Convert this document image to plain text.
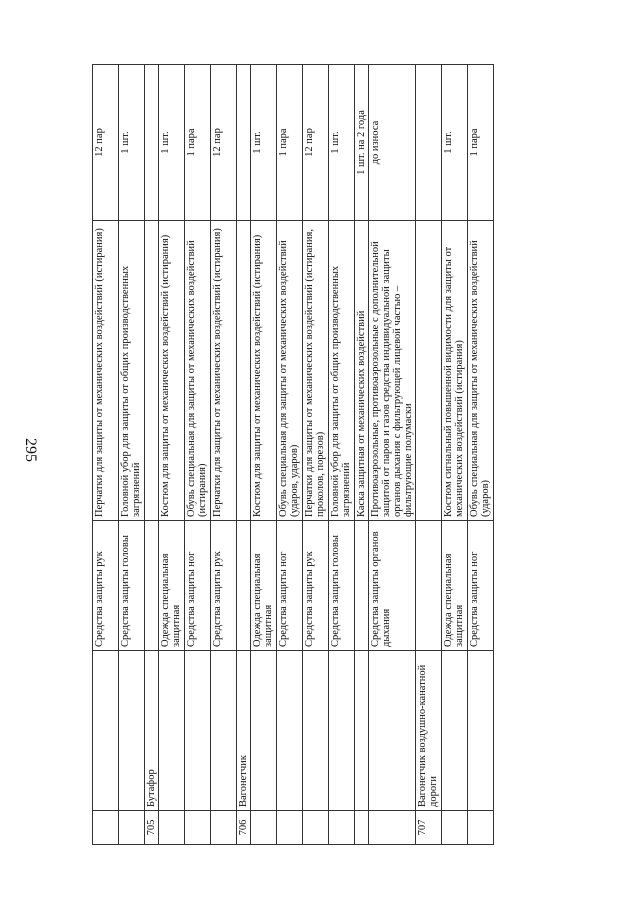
295
		Средства защиты рук	Перчатки для защиты от механических воздействий (истирания)	12 пар
		Средства защиты головы	Головной убор для защиты от общих производственных загрязнений	1 шт.
705	Бутафор			
		Одежда специальная защитная	Костюм для защиты от механических воздействий (истирания)	1 шт.
		Средства защиты ног	Обувь специальная для защиты от механических воздействий (истирания)	1 пара
		Средства защиты рук	Перчатки для защиты от механических воздействий (истирания)	12 пар
706	Вагонетчик			
		Одежда специальная защитная	Костюм для защиты от механических воздействий (истирания)	1 шт.
		Средства защиты ног	Обувь специальная для защиты от механических воздействий (ударов, ударов)	1 пара
		Средства защиты рук	Перчатки для защиты от механических воздействий (истирания, проколов, порезов)	12 пар
		Средства защиты головы	Головной убор для защиты от общих производственных загрязнений	1 шт.
			Каска защитная от механических воздействий	1 шт. на 2 года
		Средства защиты органов дыхания	Противоаэрозольные, противоаэрозольные с дополнительной защитой от паров и газов средства индивидуальной защиты органов дыхания с фильтрующей лицевой частью – фильтрующие полумаски	до износа
707	Вагонетчик воздушно-канатной дороги			
		Одежда специальная защитная	Костюм сигнальный повышенной видимости для защиты от механических воздействий (истирания)	1 шт.
		Средства защиты ног	Обувь специальная для защиты от механических воздействий (ударов)	1 пара
